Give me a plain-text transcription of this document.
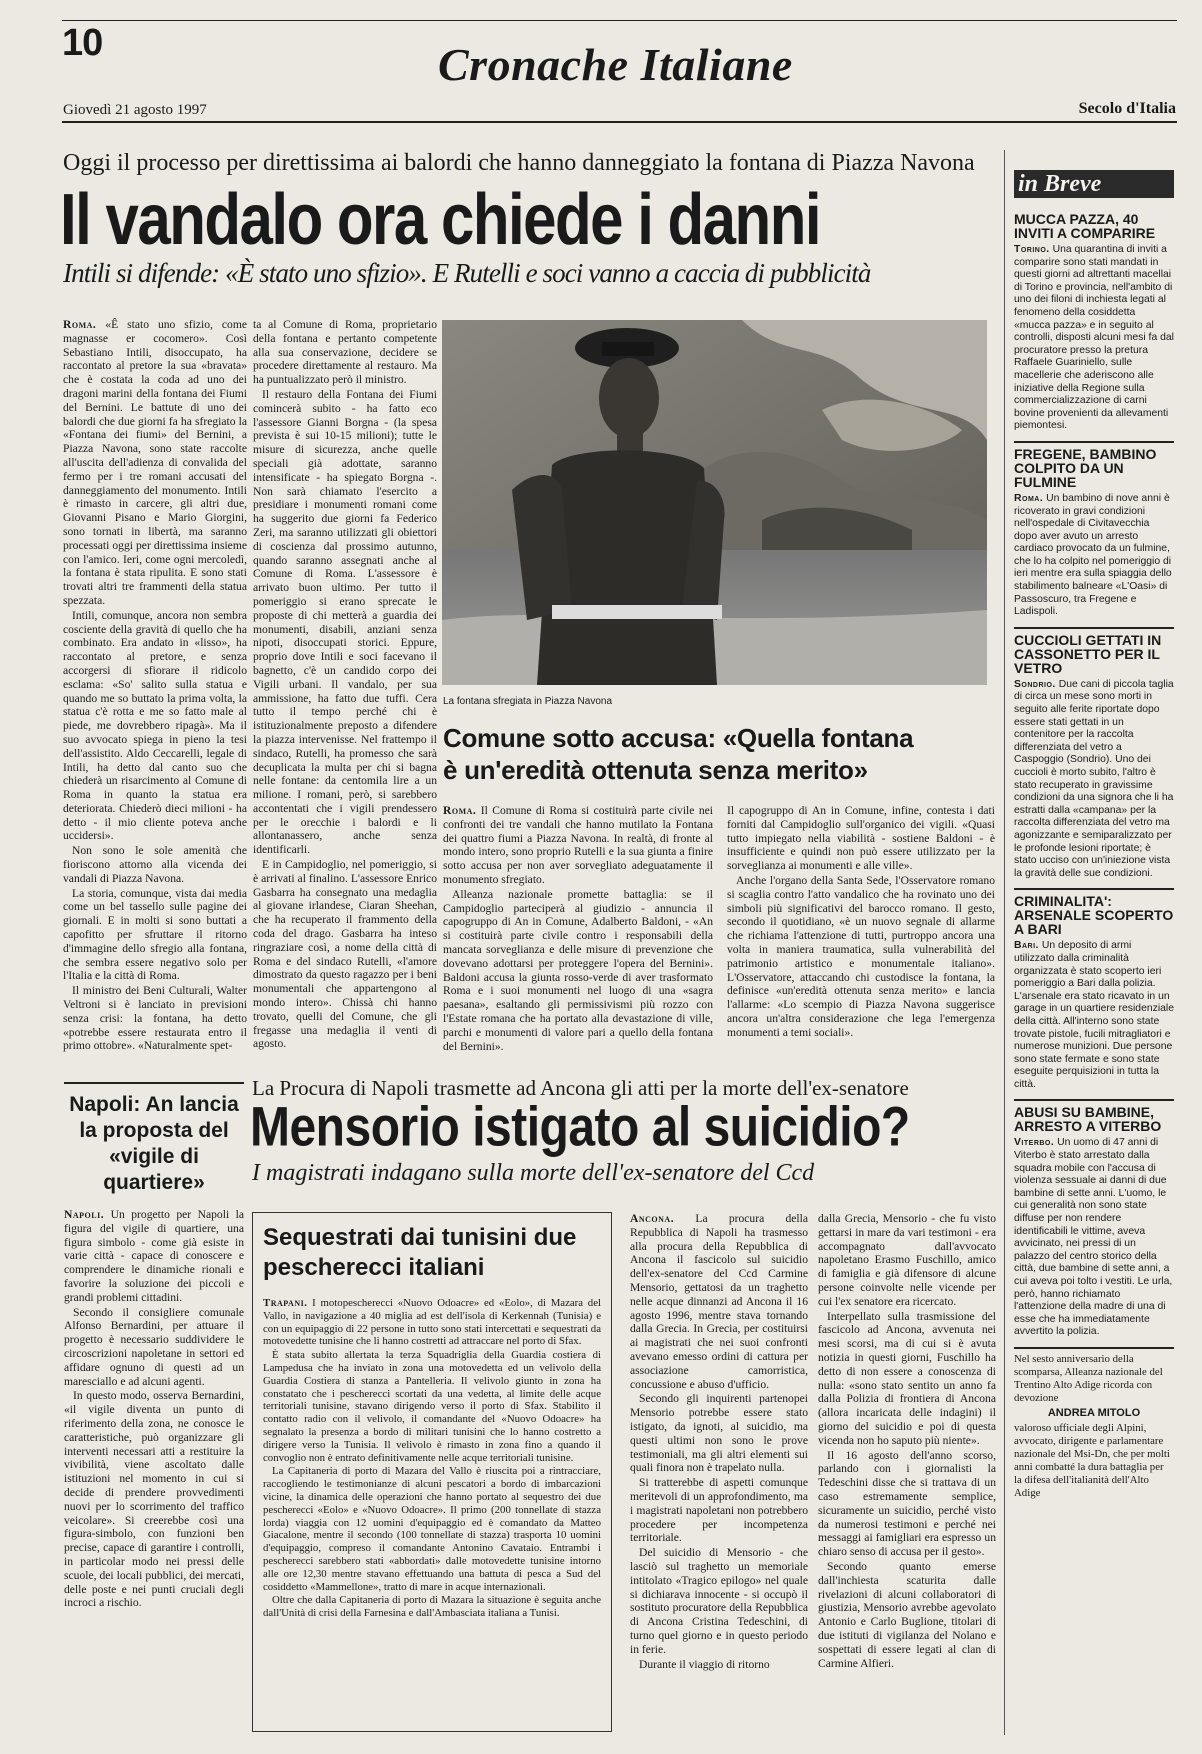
10	Cronache Italiane
Giovedì 21 agosto 1997	Secolo d'Italia
Oggi il processo per direttissima ai balordi che hanno danneggiato la fontana di Piazza Navona
Il vandalo ora chiede i danni
Intili si difende: «È stato uno sfizio». E Rutelli e soci vanno a caccia di pubblicità

Roma. «Ê stato uno sfizio, come magnasse er cocomero». Così Sebastiano Intili, disoccupato, ha raccontato al pretore la sua «bravata» che è costata la coda ad uno dei dragoni marini della fontana dei Fiumi del Bernini. Le battute di uno dei balordi che due giorni fa ha sfregiato la «Fontana dei fiumi» del Bernini, a Piazza Navona, sono state raccolte all'uscita dell'adienza di convalida del fermo per i tre romani accusati del danneggiamento del monumento. Intili è rimasto in carcere, gli altri due, Giovanni Pisano e Mario Giorgini, sono tornati in libertà, ma saranno processati oggi per direttissima insieme con l'amico. Ieri, come ogni mercoledì, la fontana è stata ripulita. E sono stati trovati altri tre frammenti della statua spezzata.

Intili, comunque, ancora non sembra cosciente della gravità di quello che ha combinato. Era andato in «lisso», ha raccontato al pretore, e senza accorgersi di sfiorare il ridicolo esclama: «So' salito sulla statua e quando me so buttato la prima volta, la statua c'è rotta e me so fatto male al piede, me dovrebbero ripagà». Ma il suo avvocato spiega in pieno la tesi dell'assistito. Aldo Ceccarelli, legale di Intili, ha detto dal canto suo che chiederà un risarcimento al Comune di Roma in quanto la statua era deteriorata. Chiederò dieci milioni - ha detto - il mio cliente poteva anche uccidersi».

Non sono le sole amenità che fioriscono attorno alla vicenda dei vandali di Piazza Navona.

La storia, comunque, vista dai media come un bel tassello sulle pagine dei giornali. E in molti si sono buttati a capofitto per sfruttare il ritorno d'immagine dello sfregio alla fontana, che sembra essere negativo solo per l'Italia e la città di Roma.

Il ministro dei Beni Culturali, Walter Veltroni si è lanciato in previsioni senza crisi: la fontana, ha detto «potrebbe essere restaurata entro il primo ottobre». «Naturalmente spet-

ta al Comune di Roma, proprietario della fontana e pertanto competente alla sua conservazione, decidere se procedere direttamente al restauro. Ma ha puntualizzato però il ministro.

Il restauro della Fontana dei Fiumi comincerà subito - ha fatto eco l'assessore Gianni Borgna - (la spesa prevista è sui 10-15 milioni); tutte le misure di sicurezza, anche quelle speciali già adottate, saranno intensificate - ha spiegato Borgna -. Non sarà chiamato l'esercito a presidiare i monumenti romani come ha suggerito due giorni fa Federico Zeri, ma saranno utilizzati gli obiettori di coscienza dal prossimo autunno, quando saranno assegnati anche al Comune di Roma. L'assessore è arrivato buon ultimo. Per tutto il pomeriggio si erano sprecate le proposte di chi metterà a guardia dei monumenti, disabili, anziani senza nipoti, disoccupati storici. Eppure, proprio dove Intili e soci facevano il bagnetto, c'è un candido corpo dei Vigili urbani. Il vandalo, per sua ammissione, ha fatto due tuffi. Cera tutto il tempo perché chi è istituzionalmente preposto a difendere la piazza intervenisse. Nel frattempo il sindaco, Rutelli, ha promesso che sarà decuplicata la multa per chi si bagna nelle fontane: da centomila lire a un milione. I romani, però, si sarebbero accontentati che i vigili prendessero per le orecchie i balordi e li allontanassero, anche senza identificarli.

E in Campidoglio, nel pomeriggio, si è arrivati al finalino. L'assessore Enrico Gasbarra ha consegnato una medaglia al giovane irlandese, Ciaran Sheehan, che ha recuperato il frammento della coda del drago. Gasbarra ha inteso ringraziare così, a nome della città di Roma e del sindaco Rutelli, «l'amore dimostrato da questo ragazzo per i beni monumentali che appartengono al mondo intero». Chissà chi hanno trovato, quelli del Comune, che gli fregasse una medaglia il venti di agosto.

La fontana sfregiata in Piazza Navona
Comune sotto accusa: «Quella fontana
è un'eredità ottenuta senza merito»

Roma. Il Comune di Roma si costituirà parte civile nei confronti dei tre vandali che hanno mutilato la Fontana dei quattro fiumi a Piazza Navona. In realtà, di fronte al mondo intero, sono proprio Rutelli e la sua giunta a finire sotto accusa per non aver sorvegliato adeguatamente il monumento sfregiato.

Alleanza nazionale promette battaglia: se il Campidoglio parteciperà al giudizio - annuncia il capogruppo di An in Comune, Adalberto Baldoni, - «An si costituirà parte civile contro i responsabili della mancata sorveglianza e delle misure di prevenzione che dovevano adottarsi per proteggere l'opera del Bernini». Baldoni accusa la giunta rosso-verde di aver trasformato Roma e i suoi monumenti nel luogo di una «sagra paesana», esaltando gli permissivismi più rozzo con l'Estate romana che ha portato alla devastazione di ville, parchi e monumenti di valore pari a quello della fontana del Bernini».

Il capogruppo di An in Comune, infine, contesta i dati forniti dal Campidoglio sull'organico dei vigili. «Quasi tutto impiegato nella viabilità - sostiene Baldoni - è insufficiente e quindi non può essere utilizzato per la sorveglianza ai monumenti e alle ville».

Anche l'organo della Santa Sede, l'Osservatore romano si scaglia contro l'atto vandalico che ha rovinato uno dei simboli più significativi del barocco romano. Il gesto, secondo il quotidiano, «è un nuovo segnale di allarme che richiama l'attenzione di tutti, purtroppo ancora una volta in maniera traumatica, sulla vulnerabilità del patrimonio artistico e monumentale italiano». L'Osservatore, attaccando chi custodisce la fontana, la definisce «un'eredità ottenuta senza merito» e lancia l'allarme: «Lo scempio di Piazza Navona suggerisce ancora un'altra considerazione che lega l'emergenza monumenti a temi sociali».

Napoli: An lancia la proposta del «vigile di quartiere»

Napoli. Un progetto per Napoli la figura del vigile di quartiere, una figura simbolo - come già esiste in varie città - capace di conoscere e comprendere le dinamiche rionali e favorire la soluzione dei piccoli e grandi problemi cittadini.

Secondo il consigliere comunale Alfonso Bernardini, per attuare il progetto è necessario suddividere le circoscrizioni napoletane in settori ed affidare ognuno di questi ad un maresciallo e ad alcuni agenti.

In questo modo, osserva Bernardini, «il vigile diventa un punto di riferimento della zona, ne conosce le caratteristiche, può organizzare gli interventi necessari atti a restituire la vivibilità, viene ascoltato dalle istituzioni nel momento in cui si decide di prendere provvedimenti nuovi per lo scorrimento del traffico veicolare». Si creerebbe così una figura-simbolo, con funzioni ben precise, capace di garantire i controlli, in particolar modo nei pressi delle scuole, dei locali pubblici, dei mercati, delle poste e nei punti cruciali degli incroci a rischio.

La Procura di Napoli trasmette ad Ancona gli atti per la morte dell'ex-senatore
Mensorio istigato al suicidio?
I magistrati indagano sulla morte dell'ex-senatore del Ccd
Sequestrati dai tunisini due pescherecci italiani

Trapani. I motopescherecci «Nuovo Odoacre» ed «Eolo», di Mazara del Vallo, in navigazione a 40 miglia ad est dell'isola di Kerkennah (Tunisia) e con un equipaggio di 22 persone in tutto sono stati intercettati e sequestrati da motovedette tunisine che li hanno costretti ad attraccare nel porto di Sfax.

È stata subito allertata la terza Squadriglia della Guardia costiera di Lampedusa che ha inviato in zona una motovedetta ed un velivolo della Guardia Costiera di stanza a Pantelleria. Il velivolo giunto in zona ha constatato che i pescherecci scortati da una vedetta, al limite delle acque territoriali tunisine, stavano dirigendo verso il porto di Sfax. Stabilito il contatto radio con il velivolo, il comandante del «Nuovo Odoacre» ha segnalato la presenza a bordo di militari tunisini che lo hanno costretto a dirigere verso la Tunisia. Il velivolo è rimasto in zona fino a quando il convoglio non è entrato definitivamente nelle acque territoriali tunisine.

La Capitaneria di porto di Mazara del Vallo è riuscita poi a rintracciare, raccogliendo le testimonianze di alcuni pescatori a bordo di imbarcazioni vicine, la dinamica delle operazioni che hanno portato al sequestro dei due pescherecci «Eolo» e «Nuovo Odoacre». Il primo (200 tonnellate di stazza lorda) viaggia con 12 uomini d'equipaggio ed è comandato da Matteo Giacalone, mentre il secondo (100 tonnellate di stazza) trasporta 10 uomini d'equipaggio, compreso il comandante Antonino Cavataio. Entrambi i pescherecci sarebbero stati «abbordati» dalle motovedette tunisine intorno alle ore 12,30 mentre stavano effettuando una battuta di pesca a Sud del cosiddetto «Mammellone», tratto di mare in acque internazionali.

Oltre che dalla Capitaneria di porto di Mazara la situazione è seguita anche dall'Unità di crisi della Farnesina e dall'Ambasciata italiana a Tunisi.

Ancona. La procura della Repubblica di Napoli ha trasmesso alla procura della Repubblica di Ancona il fascicolo sul suicidio dell'ex-senatore del Ccd Carmine Mensorio, gettatosi da un traghetto nelle acque dinnanzi ad Ancona il 16 agosto 1996, mentre stava tornando dalla Grecia. In Grecia, per costituirsi ai magistrati che nei suoi confronti avevano emesso ordini di cattura per associazione camorristica, concussione e abuso d'ufficio.

Secondo gli inquirenti partenopei Mensorio potrebbe essere stato istigato, da ignoti, al suicidio, ma questi ultimi non sono le prove testimoniali, ma gli altri elementi sui quali finora non è trapelato nulla.

Si tratterebbe di aspetti comunque meritevoli di un approfondimento, ma i magistrati napoletani non potrebbero procedere per incompetenza territoriale.

Del suicidio di Mensorio - che lasciò sul traghetto un memoriale intitolato «Tragico epilogo» nel quale si dichiarava innocente - si occupò il sostituto procuratore della Repubblica di Ancona Cristina Tedeschini, di turno quel giorno e in questo periodo in ferie.

Durante il viaggio di ritorno

dalla Grecia, Mensorio - che fu visto gettarsi in mare da vari testimoni - era accompagnato dall'avvocato napoletano Erasmo Fuschillo, amico di famiglia e già difensore di alcune persone coinvolte nelle vicende per cui l'ex senatore era ricercato.

Interpellato sulla trasmissione del fascicolo ad Ancona, avvenuta nei mesi scorsi, ma di cui si è avuta notizia in questi giorni, Fuschillo ha detto di non essere a conoscenza di nulla: «sono stato sentito un anno fa dalla Polizia di frontiera di Ancona (allora incaricata delle indagini) il giorno del suicidio e poi di questa vicenda non ho saputo più niente».

Il 16 agosto dell'anno scorso, parlando con i giornalisti la Tedeschini disse che si trattava di un caso estremamente semplice, sicuramente un suicidio, perché visto da numerosi testimoni e perché nei messaggi ai famigliari era espresso un chiaro senso di accusa per il gesto».

Secondo quanto emerse dall'inchiesta scaturita dalle rivelazioni di alcuni collaboratori di giustizia, Mensorio avrebbe agevolato Antonio e Carlo Buglione, titolari di due istituti di vigilanza del Nolano e sospettati di essere legati al clan di Carmine Alfieri.

in Breve
MUCCA PAZZA, 40 INVITI A COMPARIRE

Torino. Una quarantina di inviti a comparire sono stati mandati in questi giorni ad altrettanti macellai di Torino e provincia, nell'ambito di uno dei filoni di inchiesta legati al fenomeno della cosiddetta «mucca pazza» e in seguito al controlli, disposti alcuni mesi fa dal procuratore presso la pretura Raffaele Guariniello, sulle macellerie che aderiscono alle iniziative della Regione sulla commercializzazione di carni bovine provenienti da allevamenti piemontesi.

FREGENE, BAMBINO COLPITO DA UN FULMINE

Roma. Un bambino di nove anni è ricoverato in gravi condizioni nell'ospedale di Civitavecchia dopo aver avuto un arresto cardiaco provocato da un fulmine, che lo ha colpito nel pomeriggio di ieri mentre era sulla spiaggia dello stabilimento balneare «L'Oasi» di Passoscuro, tra Fregene e Ladispoli.

CUCCIOLI GETTATI IN CASSONETTO PER IL VETRO

Sondrio. Due cani di piccola taglia di circa un mese sono morti in seguito alle ferite riportate dopo essere stati gettati in un contenitore per la raccolta differenziata del vetro a Caspoggio (Sondrio). Uno dei cuccioli è morto subito, l'altro è stato recuperato in gravissime condizioni da una signora che li ha estratti dalla «campana» per la raccolta differenziata del vetro ma agonizzante e semiparalizzato per le profonde lesioni riportate; è stato ucciso con un'iniezione vista la gravità delle sue condizioni.

CRIMINALITA': ARSENALE SCOPERTO A BARI

Bari. Un deposito di armi utilizzato dalla criminalità organizzata è stato scoperto ieri pomeriggio a Bari dalla polizia. L'arsenale era stato ricavato in un garage in un quartiere residenziale della città. All'interno sono state trovate pistole, fucili mitragliatori e numerose munizioni. Due persone sono state fermate e sono state eseguite perquisizioni in tutta la città.

ABUSI SU BAMBINE, ARRESTO A VITERBO

Viterbo. Un uomo di 47 anni di Viterbo è stato arrestato dalla squadra mobile con l'accusa di violenza sessuale ai danni di due bambine di sette anni. L'uomo, le cui generalità non sono state diffuse per non rendere identificabili le vittime, aveva avvicinato, nei pressi di un palazzo del centro storico della città, due bambine di sette anni, a cui aveva poi tolto i vestiti. Le urla, però, hanno richiamato l'attenzione della madre di una di esse che ha immediatamente avvertito la polizia.

Nel sesto anniversario della scomparsa, Alleanza nazionale del Trentino Alto Adige ricorda con devozione
ANDREA MITOLO
valoroso ufficiale degli Alpini, avvocato, dirigente e parlamentare nazionale del Msi-Dn, che per molti anni combatté la dura battaglia per la difesa dell'italianità dell'Alto Adige
